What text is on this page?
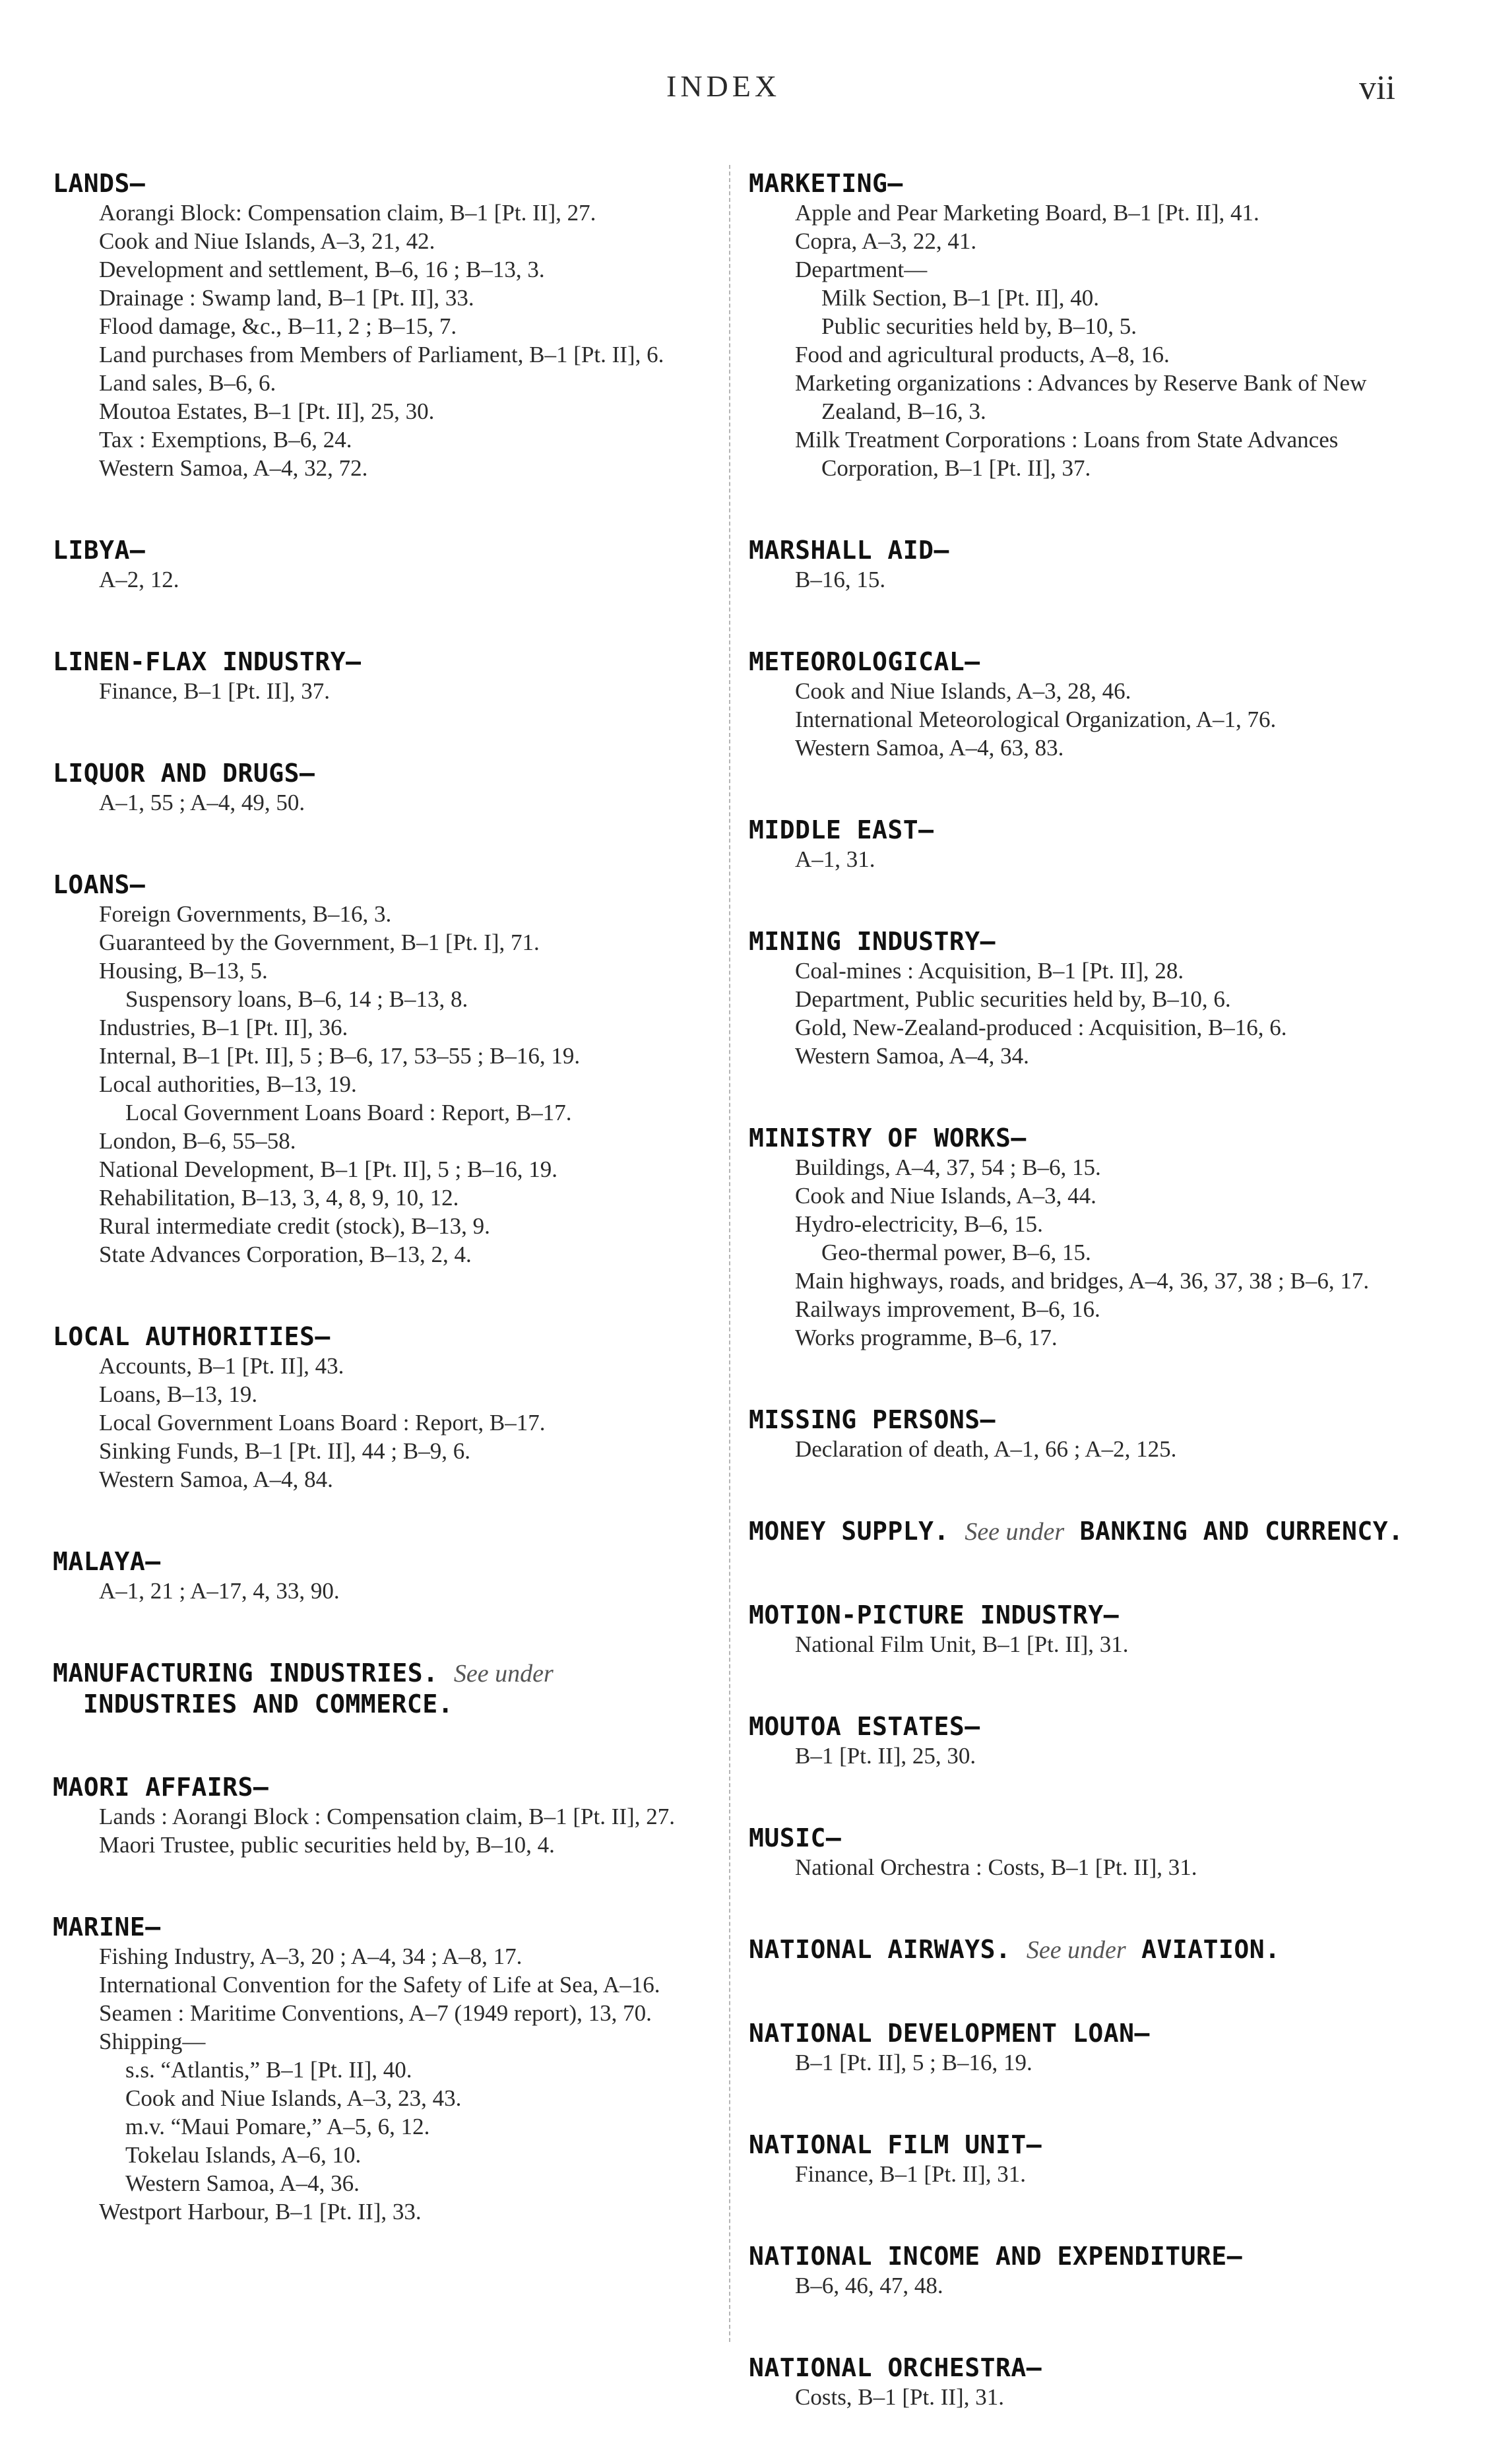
INDEX	vii
LANDS—
Aorangi Block: Compensation claim, B–1 [Pt. II], 27.
Cook and Niue Islands, A–3, 21, 42.
Development and settlement, B–6, 16 ; B–13, 3.
Drainage : Swamp land, B–1 [Pt. II], 33.
Flood damage, &c., B–11, 2 ; B–15, 7.
Land purchases from Members of Parliament, B–1 [Pt. II], 6.
Land sales, B–6, 6.
Moutoa Estates, B–1 [Pt. II], 25, 30.
Tax : Exemptions, B–6, 24.
Western Samoa, A–4, 32, 72.
LIBYA—
A–2, 12.
LINEN-FLAX INDUSTRY—
Finance, B–1 [Pt. II], 37.
LIQUOR AND DRUGS—
A–1, 55 ; A–4, 49, 50.
LOANS—
Foreign Governments, B–16, 3.
Guaranteed by the Government, B–1 [Pt. I], 71.
Housing, B–13, 5.
Suspensory loans, B–6, 14 ; B–13, 8.
Industries, B–1 [Pt. II], 36.
Internal, B–1 [Pt. II], 5 ; B–6, 17, 53–55 ; B–16, 19.
Local authorities, B–13, 19.
Local Government Loans Board : Report, B–17.
London, B–6, 55–58.
National Development, B–1 [Pt. II], 5 ; B–16, 19.
Rehabilitation, B–13, 3, 4, 8, 9, 10, 12.
Rural intermediate credit (stock), B–13, 9.
State Advances Corporation, B–13, 2, 4.
LOCAL AUTHORITIES—
Accounts, B–1 [Pt. II], 43.
Loans, B–13, 19.
Local Government Loans Board : Report, B–17.
Sinking Funds, B–1 [Pt. II], 44 ; B–9, 6.
Western Samoa, A–4, 84.
MALAYA—
A–1, 21 ; A–17, 4, 33, 90.
MANUFACTURING INDUSTRIES. See under INDUSTRIES AND COMMERCE.
MAORI AFFAIRS—
Lands : Aorangi Block : Compensation claim, B–1 [Pt. II], 27.
Maori Trustee, public securities held by, B–10, 4.
MARINE—
Fishing Industry, A–3, 20 ; A–4, 34 ; A–8, 17.
International Convention for the Safety of Life at Sea, A–16.
Seamen : Maritime Conventions, A–7 (1949 report), 13, 70.
Shipping—
s.s. “Atlantis,” B–1 [Pt. II], 40.
Cook and Niue Islands, A–3, 23, 43.
m.v. “Maui Pomare,” A–5, 6, 12.
Tokelau Islands, A–6, 10.
Western Samoa, A–4, 36.
Westport Harbour, B–1 [Pt. II], 33.
MARKETING—
Apple and Pear Marketing Board, B–1 [Pt. II], 41.
Copra, A–3, 22, 41.
Department—
Milk Section, B–1 [Pt. II], 40.
Public securities held by, B–10, 5.
Food and agricultural products, A–8, 16.
Marketing organizations : Advances by Reserve Bank of New Zealand, B–16, 3.
Milk Treatment Corporations : Loans from State Advances Corporation, B–1 [Pt. II], 37.
MARSHALL AID—
B–16, 15.
METEOROLOGICAL—
Cook and Niue Islands, A–3, 28, 46.
International Meteorological Organization, A–1, 76.
Western Samoa, A–4, 63, 83.
MIDDLE EAST—
A–1, 31.
MINING INDUSTRY—
Coal-mines : Acquisition, B–1 [Pt. II], 28.
Department, Public securities held by, B–10, 6.
Gold, New-Zealand-produced : Acquisition, B–16, 6.
Western Samoa, A–4, 34.
MINISTRY OF WORKS—
Buildings, A–4, 37, 54 ; B–6, 15.
Cook and Niue Islands, A–3, 44.
Hydro-electricity, B–6, 15.
Geo-thermal power, B–6, 15.
Main highways, roads, and bridges, A–4, 36, 37, 38 ; B–6, 17.
Railways improvement, B–6, 16.
Works programme, B–6, 17.
MISSING PERSONS—
Declaration of death, A–1, 66 ; A–2, 125.
MONEY SUPPLY. See under BANKING AND CURRENCY.
MOTION-PICTURE INDUSTRY—
National Film Unit, B–1 [Pt. II], 31.
MOUTOA ESTATES—
B–1 [Pt. II], 25, 30.
MUSIC—
National Orchestra : Costs, B–1 [Pt. II], 31.
NATIONAL AIRWAYS. See under AVIATION.
NATIONAL DEVELOPMENT LOAN—
B–1 [Pt. II], 5 ; B–16, 19.
NATIONAL FILM UNIT—
Finance, B–1 [Pt. II], 31.
NATIONAL INCOME AND EXPENDITURE—
B–6, 46, 47, 48.
NATIONAL ORCHESTRA—
Costs, B–1 [Pt. II], 31.
